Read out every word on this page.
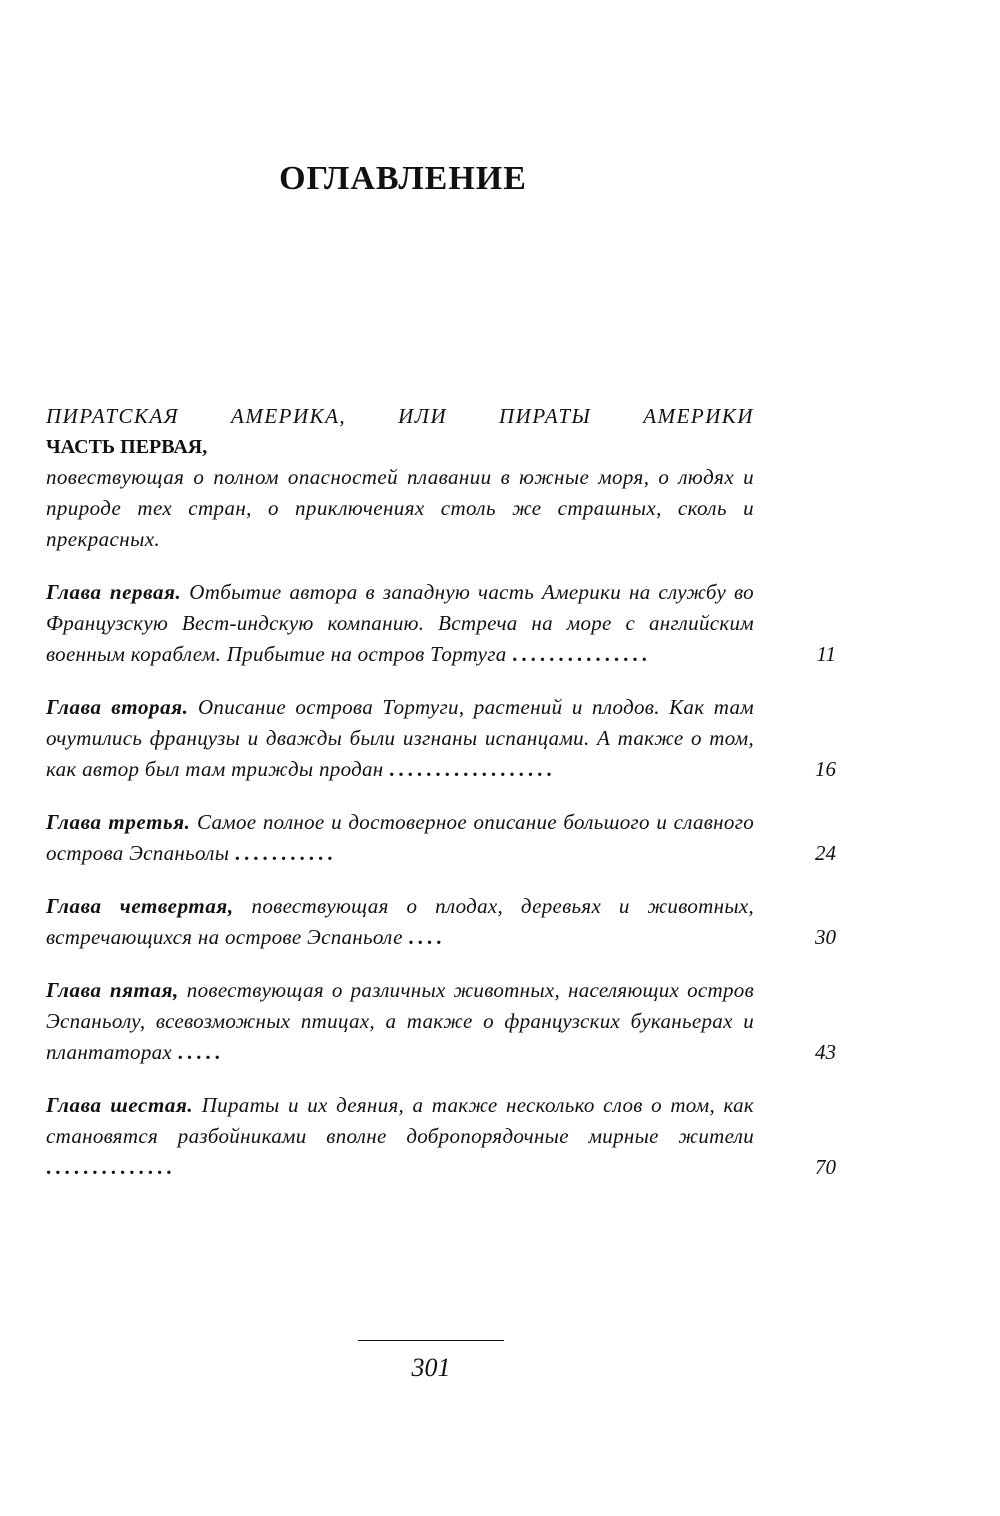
ОГЛАВЛЕНИЕ
ПИРАТСКАЯ АМЕРИКА, ИЛИ ПИРАТЫ АМЕРИКИ
ЧАСТЬ ПЕРВАЯ,
повествующая о полном опасностей плавании в южные моря, о людях и природе тех стран, о приключениях столь же страшных, сколь и прекрасных.
Глава первая. Отбытие автора в западную часть Америки на службу во Французскую Вест-индскую компанию. Встреча на море с английским военным кораблем. Прибытие на остров Тортуга ...............	11
Глава вторая. Описание острова Тортуги, растений и плодов. Как там очутились французы и дважды были изгнаны испанцами. А также о том, как автор был там трижды продан ..................	16
Глава третья. Самое полное и достоверное описание большого и славного острова Эспаньолы ...........	24
Глава четвертая, повествующая о плодах, деревьях и животных, встречающихся на острове Эспаньоле ....	30
Глава пятая, повествующая о различных животных, населяющих остров Эспаньолу, всевозможных птицах, а также о французских буканьерах и плантаторах .....	43
Глава шестая. Пираты и их деяния, а также несколько слов о том, как становятся разбойниками вполне добропорядочные мирные жители ..............	70
301
